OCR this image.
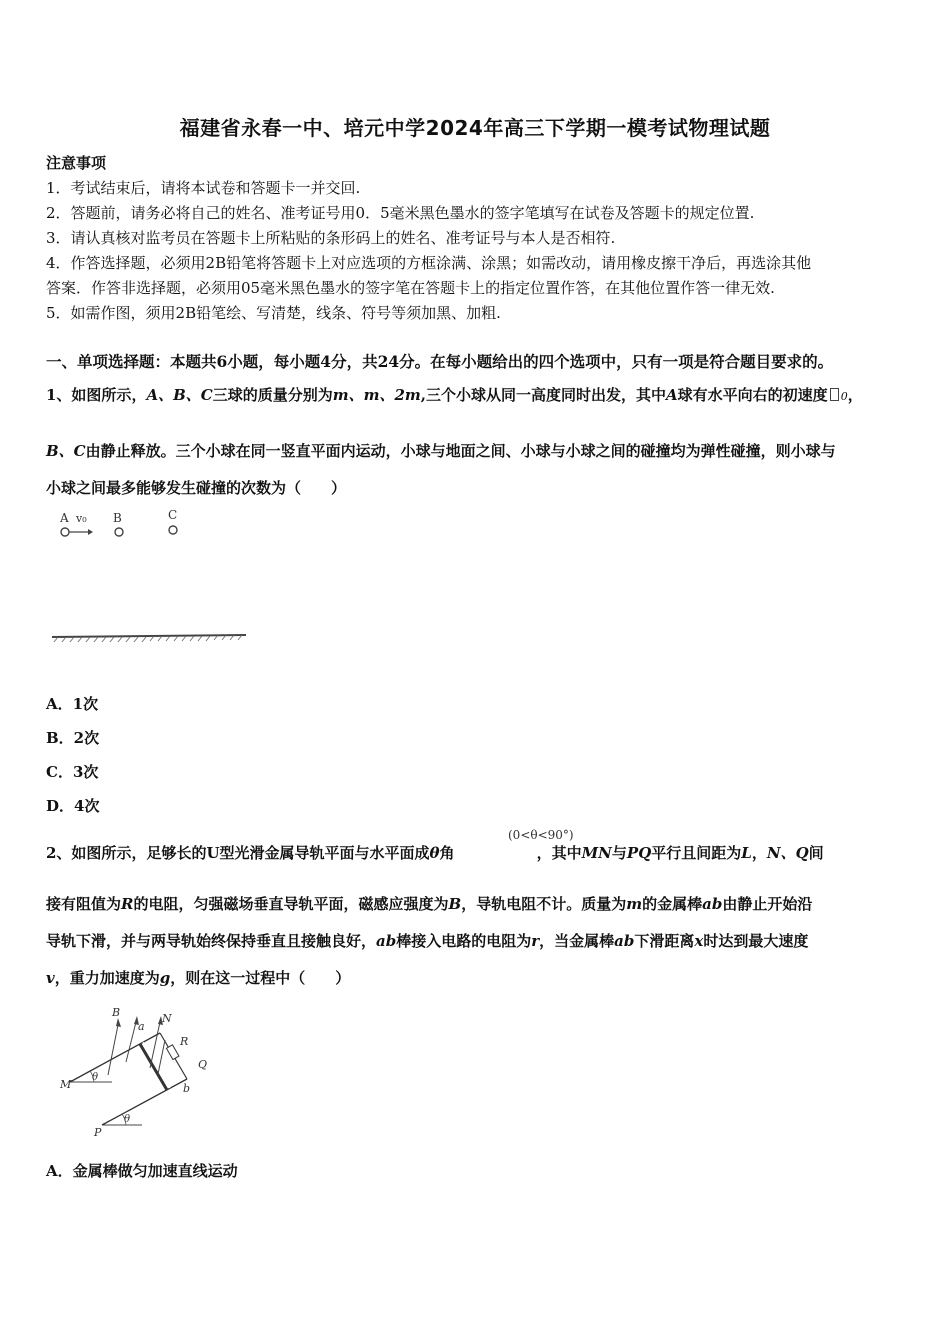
福建省永春一中、培元中学2024年高三下学期一模考试物理试题
注意事项
1．考试结束后，请将本试卷和答题卡一并交回.
2．答题前，请务必将自己的姓名、准考证号用0．5毫米黑色墨水的签字笔填写在试卷及答题卡的规定位置.
3．请认真核对监考员在答题卡上所粘贴的条形码上的姓名、准考证号与本人是否相符.
4．作答选择题，必须用2B铅笔将答题卡上对应选项的方框涂满、涂黑；如需改动，请用橡皮擦干净后，再选涂其他
答案．作答非选择题，必须用05毫米黑色墨水的签字笔在答题卡上的指定位置作答，在其他位置作答一律无效.
5．如需作图，须用2B铅笔绘、写清楚，线条、符号等须加黑、加粗.
一、单项选择题：本题共6小题，每小题4分，共24分。在每小题给出的四个选项中，只有一项是符合题目要求的。
1、如图所示，A、B、C三球的质量分别为m、m、2m,三个小球从同一高度同时出发，其中A球有水平向右的初速度 0，
B、C由静止释放。三个小球在同一竖直平面内运动，小球与地面之间、小球与小球之间的碰撞均为弹性碰撞，则小球与
小球之间最多能够发生碰撞的次数为（　　）
A v₀ B	C
A．1次
B．2次
C．3次
D．4次
(0<θ<90°)
2、如图所示，足够长的U型光滑金属导轨平面与水平面成θ角	，其中MN与PQ平行且间距为L，N、Q间
接有阻值为R的电阻，匀强磁场垂直导轨平面，磁感应强度为B，导轨电阻不计。质量为m的金属棒ab由静止开始沿
导轨下滑，并与两导轨始终保持垂直且接触良好，ab棒接入电路的电阻为r，当金属棒ab下滑距离x时达到最大速度
v，重力加速度为g，则在这一过程中（　　）
B
a
N
R
Q
M
θ
b
P
θ
A．金属棒做匀加速直线运动
